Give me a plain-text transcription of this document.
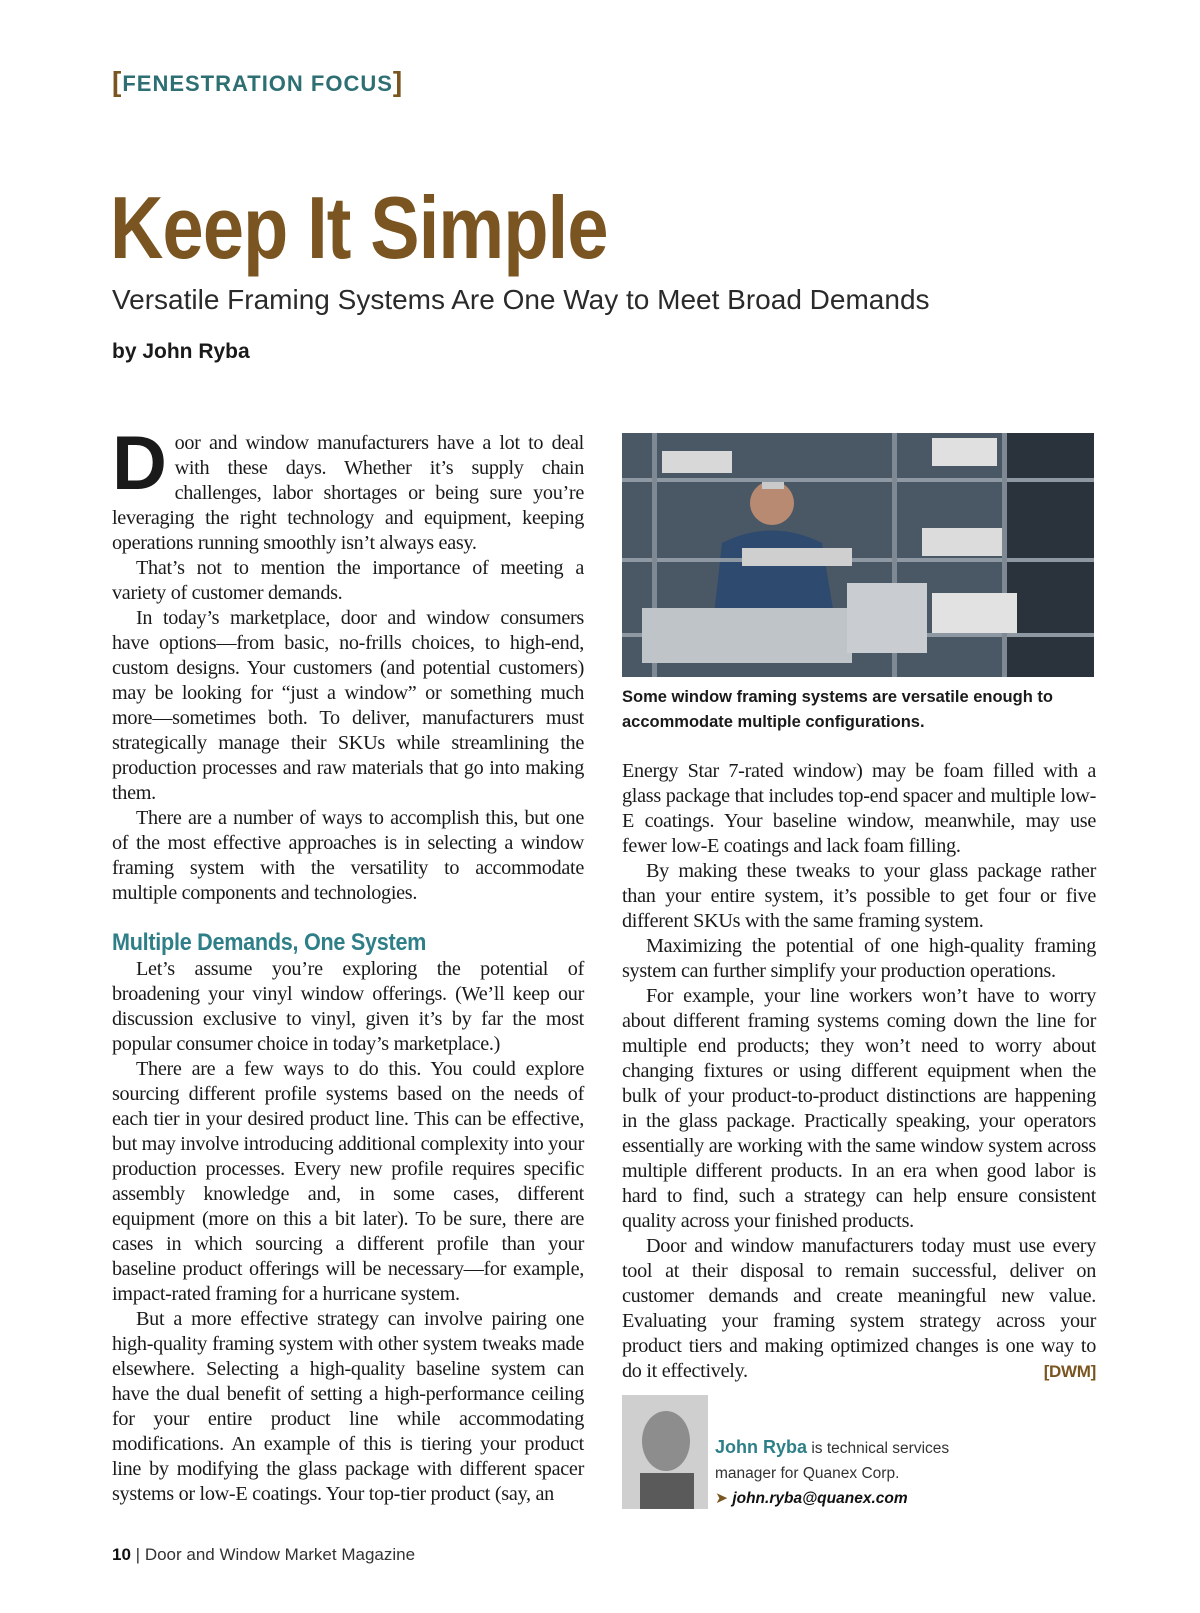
[FENESTRATION FOCUS]
Keep It Simple
Versatile Framing Systems Are One Way to Meet Broad Demands
by John Ryba

Door and window manufacturers have a lot to deal with these days. Whether it’s supply chain challenges, labor shortages or being sure you’re leveraging the right technology and equipment, keeping operations running smoothly isn’t always easy.

That’s not to mention the importance of meeting a variety of customer demands.

In today’s marketplace, door and window consumers have options—from basic, no-frills choices, to high-end, custom designs. Your customers (and potential customers) may be looking for “just a window” or something much more—sometimes both. To deliver, manufacturers must strategically manage their SKUs while streamlining the production processes and raw materials that go into making them.

There are a number of ways to accomplish this, but one of the most effective approaches is in selecting a window framing system with the versatility to accommodate multiple components and technologies.

Multiple Demands, One System

Let’s assume you’re exploring the potential of broadening your vinyl window offerings. (We’ll keep our discussion exclusive to vinyl, given it’s by far the most popular consumer choice in today’s marketplace.)

There are a few ways to do this. You could explore sourcing different profile systems based on the needs of each tier in your desired product line. This can be effective, but may involve introducing additional complexity into your production processes. Every new profile requires specific assembly knowledge and, in some cases, different equipment (more on this a bit later). To be sure, there are cases in which sourcing a different profile than your baseline product offerings will be necessary—for example, impact-rated framing for a hurricane system.

But a more effective strategy can involve pairing one high-quality framing system with other system tweaks made elsewhere. Selecting a high-quality baseline system can have the dual benefit of setting a high-performance ceiling for your entire product line while accommodating modifications. An example of this is tiering your product line by modifying the glass package with different spacer systems or low-E coatings. Your top-tier product (say, an

Some window framing systems are versatile enough to accommodate multiple configurations.

Energy Star 7-rated window) may be foam filled with a glass package that includes top-end spacer and multiple low-E coatings. Your baseline window, meanwhile, may use fewer low-E coatings and lack foam filling.

By making these tweaks to your glass package rather than your entire system, it’s possible to get four or five different SKUs with the same framing system.

Maximizing the potential of one high-quality framing system can further simplify your production operations.

For example, your line workers won’t have to worry about different framing systems coming down the line for multiple end products; they won’t need to worry about changing fixtures or using different equipment when the bulk of your product-to-product distinctions are happening in the glass package. Practically speaking, your operators essentially are working with the same window system across multiple different products. In an era when good labor is hard to find, such a strategy can help ensure consistent quality across your finished products.

Door and window manufacturers today must use every tool at their disposal to remain successful, deliver on customer demands and create meaningful new value. Evaluating your framing system strategy across your product tiers and making optimized changes is one way to do it effectively.	[DWM]

John Ryba is technical services
manager for Quanex Corp.
➤ john.ryba@quanex.com
10 | Door and Window Market Magazine
